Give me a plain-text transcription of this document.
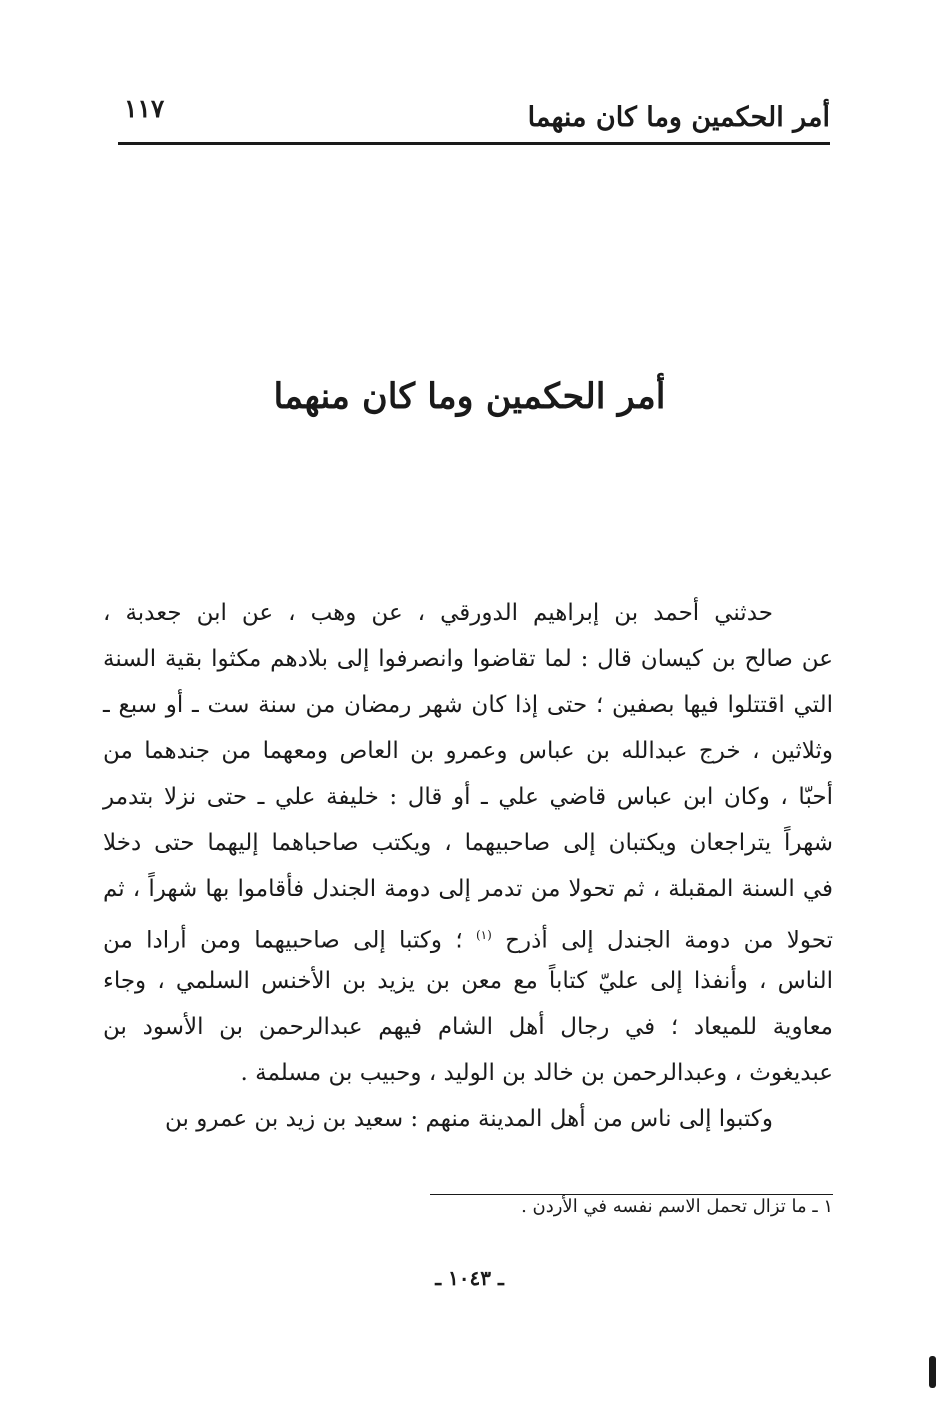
أمر الحكمين وما كان منهما
١١٧
أمر الحكمين وما كان منهما
حدثني أحمد بن إبراهيم الدورقي ، عن وهب ، عن ابن جعدبة ،
عن صالح بن كيسان قال : لما تقاضوا وانصرفوا إلى بلادهم مكثوا بقية السنة
التي اقتتلوا فيها بصفين ؛ حتى إذا كان شهر رمضان من سنة ست ـ أو سبع ـ
وثلاثين ، خرج عبدالله بن عباس وعمرو بن العاص ومعهما من جندهما من
أحبّا ، وكان ابن عباس قاضي علي ـ أو قال : خليفة علي ـ حتى نزلا بتدمر
شهراً يتراجعان ويكتبان إلى صاحبيهما ، ويكتب صاحباهما إليهما حتى دخلا
في السنة المقبلة ، ثم تحولا من تدمر إلى دومة الجندل فأقاموا بها شهراً ، ثم
تحولا من دومة الجندل إلى أذرح $^{(١)}$ ؛ وكتبا إلى صاحبيهما ومن أرادا من
الناس ، وأنفذا إلى عليّ كتاباً مع معن بن يزيد بن الأخنس السلمي ، وجاء
معاوية للميعاد ؛ في رجال أهل الشام فيهم عبدالرحمن بن الأسود بن
عبديغوث ، وعبدالرحمن بن خالد بن الوليد ، وحبيب بن مسلمة .
وكتبوا إلى ناس من أهل المدينة منهم : سعيد بن زيد بن عمرو بن
١ ـ ما تزال تحمل الاسم نفسه في الأردن .
ـ ١٠٤٣ ـ
